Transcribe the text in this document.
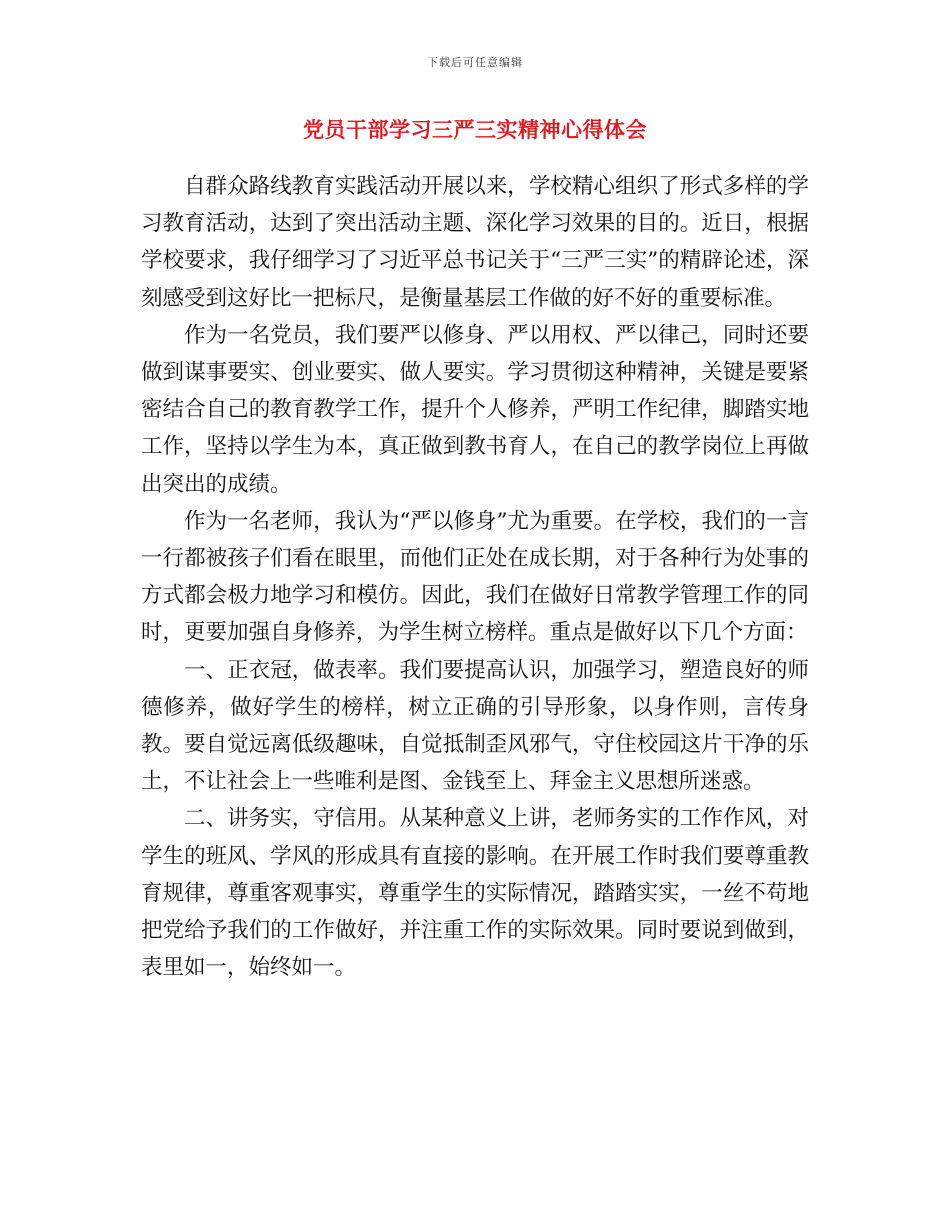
下载后可任意编辑
党员干部学习三严三实精神心得体会

自群众路线教育实践活动开展以来，学校精心组织了形式多样的学习教育活动，达到了突出活动主题、深化学习效果的目的。近日，根据学校要求，我仔细学习了习近平总书记关于“三严三实”的精辟论述，深刻感受到这好比一把标尺，是衡量基层工作做的好不好的重要标准。

作为一名党员，我们要严以修身、严以用权、严以律己，同时还要做到谋事要实、创业要实、做人要实。学习贯彻这种精神，关键是要紧密结合自己的教育教学工作，提升个人修养，严明工作纪律，脚踏实地工作，坚持以学生为本，真正做到教书育人，在自己的教学岗位上再做出突出的成绩。

作为一名老师，我认为“严以修身”尤为重要。在学校，我们的一言一行都被孩子们看在眼里，而他们正处在成长期，对于各种行为处事的方式都会极力地学习和模仿。因此，我们在做好日常教学管理工作的同时，更要加强自身修养，为学生树立榜样。重点是做好以下几个方面：

一、正衣冠，做表率。我们要提高认识，加强学习，塑造良好的师德修养，做好学生的榜样，树立正确的引导形象，以身作则，言传身教。要自觉远离低级趣味，自觉抵制歪风邪气，守住校园这片干净的乐土，不让社会上一些唯利是图、金钱至上、拜金主义思想所迷惑。

二、讲务实，守信用。从某种意义上讲，老师务实的工作作风，对学生的班风、学风的形成具有直接的影响。在开展工作时我们要尊重教育规律，尊重客观事实，尊重学生的实际情况，踏踏实实，一丝不苟地把党给予我们的工作做好，并注重工作的实际效果。同时要说到做到，表里如一，始终如一。
